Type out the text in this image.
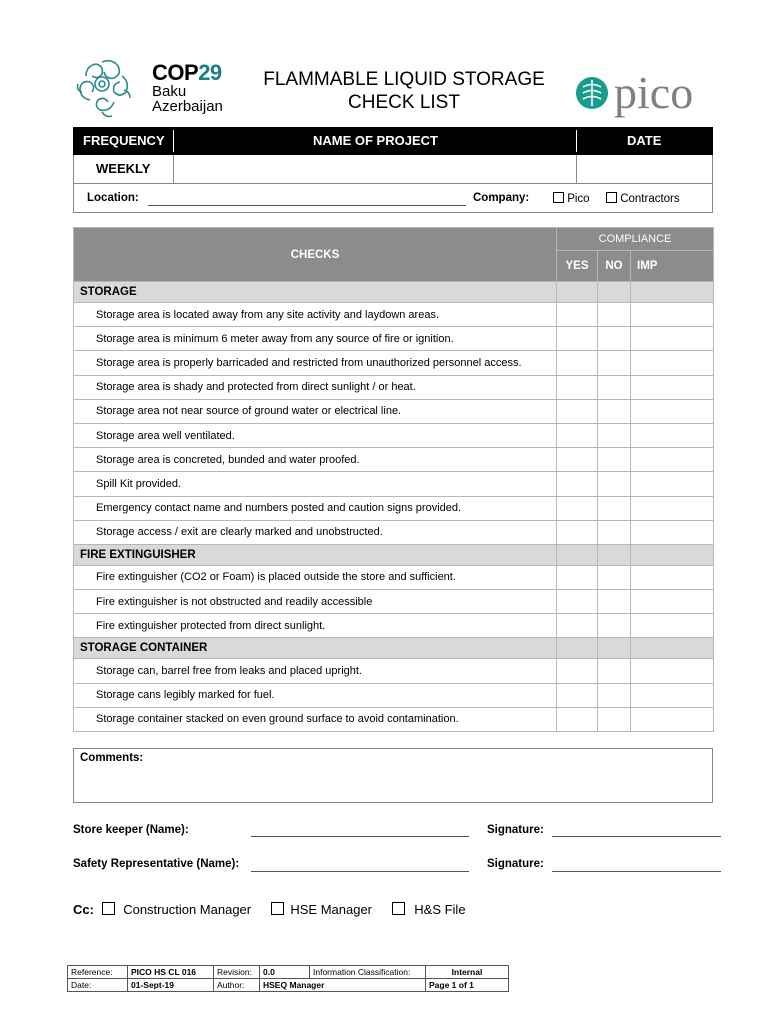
COP29
Baku
Azerbaijan
FLAMMABLE LIQUID STORAGE
CHECK LIST	pico
FREQUENCY	NAME OF PROJECT	DATE
WEEKLY
Location:	Company:	Pico	Contractors
CHECKS	COMPLIANCE		
	YES	NO	IMP
STORAGE			
Storage area is located away from any site activity and laydown areas.			
Storage area is minimum 6 meter away from any source of fire or ignition.			
Storage area is properly barricaded and restricted from unauthorized personnel access.			
Storage area is shady and protected from direct sunlight / or heat.			
Storage area not near source of ground water or electrical line.			
Storage area well ventilated.			
Storage area is concreted, bunded and water proofed.			
Spill Kit provided.			
Emergency contact name and numbers posted and caution signs provided.			
Storage access / exit are clearly marked and unobstructed.			
FIRE EXTINGUISHER			
Fire extinguisher (CO2 or Foam) is placed outside the store and sufficient.			
Fire extinguisher is not obstructed and readily accessible			
Fire extinguisher protected from direct sunlight.			
STORAGE CONTAINER			
Storage can, barrel free from leaks and placed upright.			
Storage cans legibly marked for fuel.			
Storage container stacked on even ground surface to avoid contamination.			
Comments:
Store keeper (Name):	Signature:
Safety Representative (Name):	Signature:
Cc: Construction Manager	HSE Manager	H&S File
Reference:	PICO HS CL 016	Revision:	0.0	Information Classification:	Internal
Date:	01-Sept-19	Author:	HSEQ Manager		Page 1 of 1
